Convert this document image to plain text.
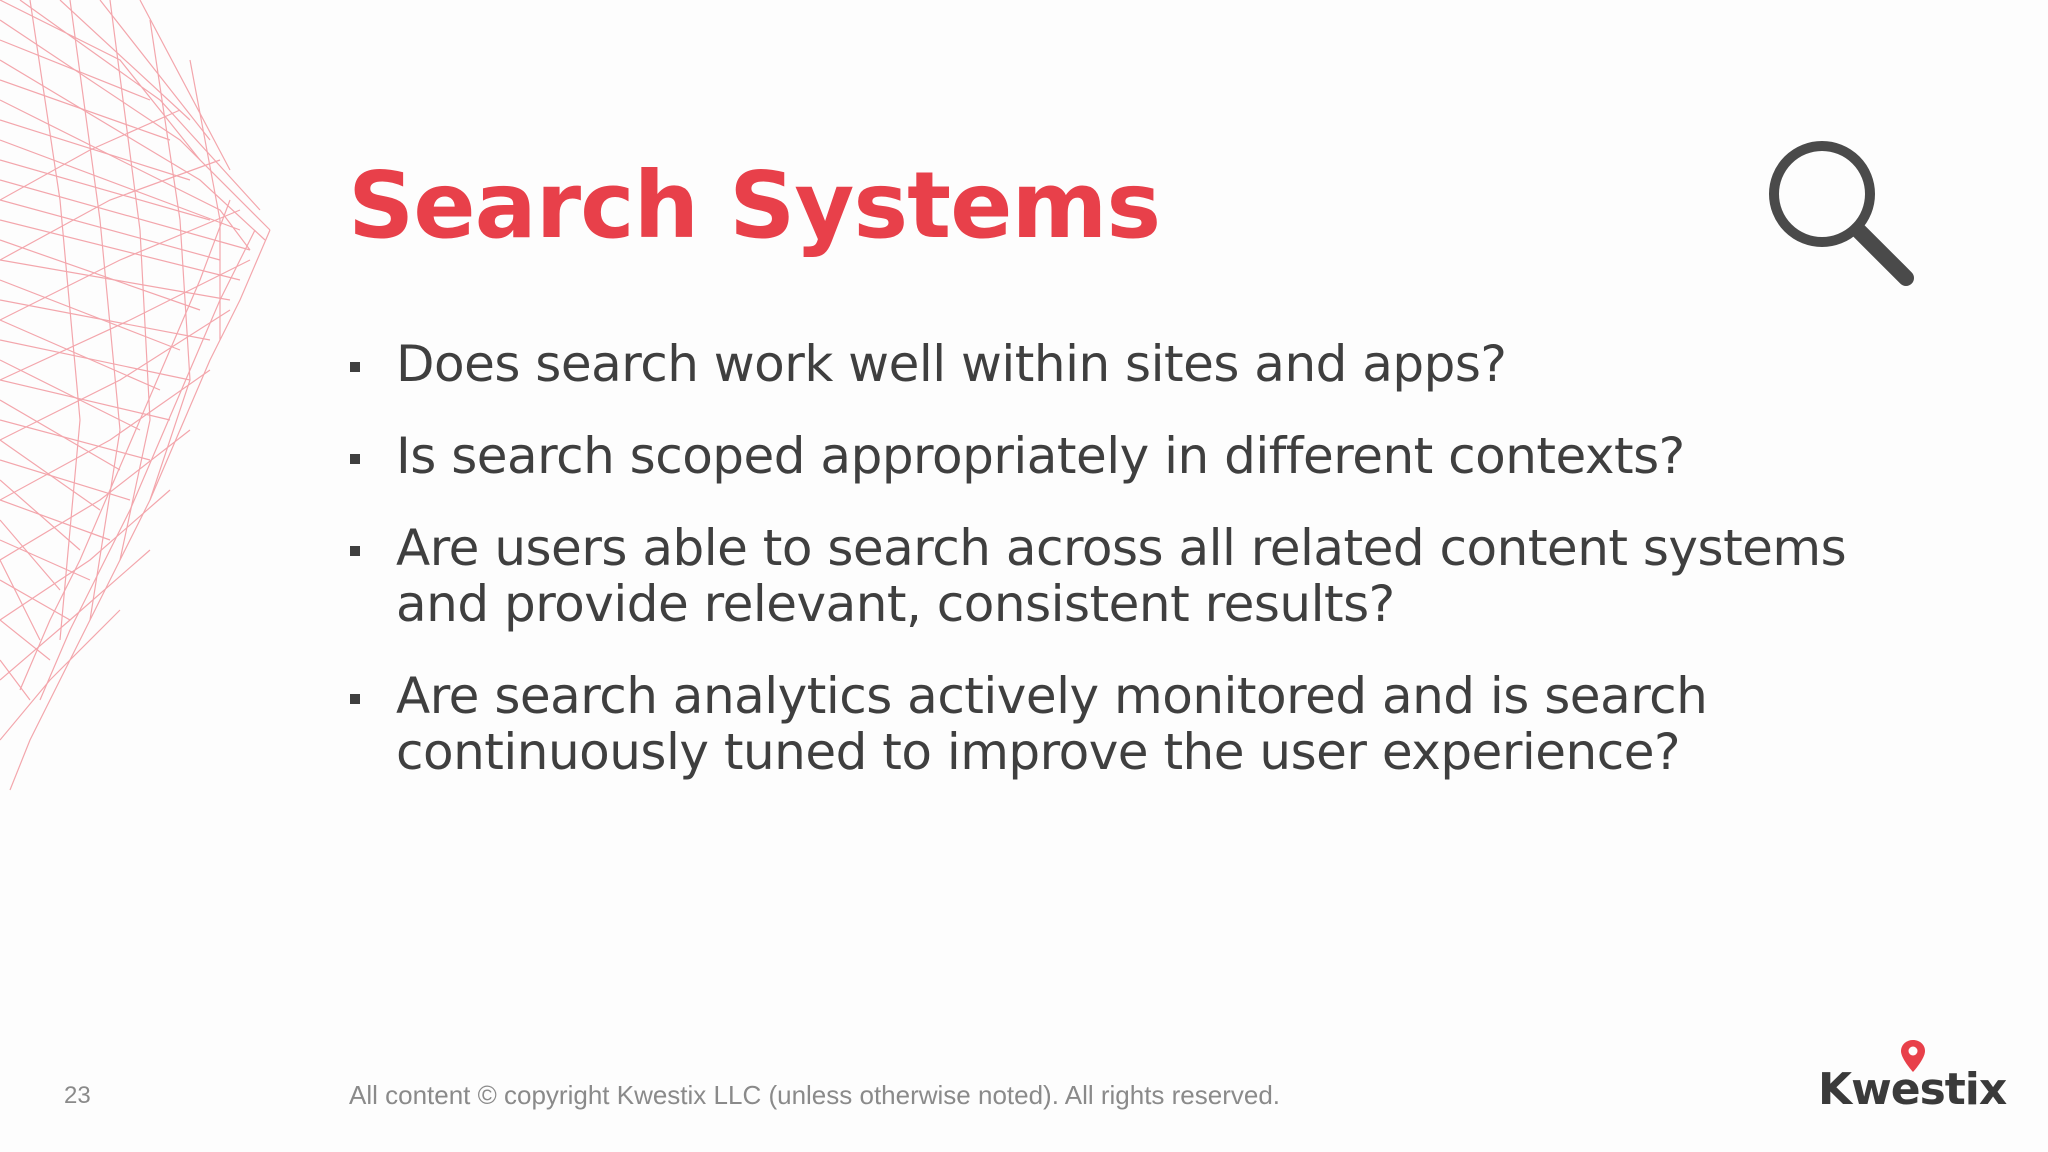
Search Systems
Does search work well within sites and apps?
Is search scoped appropriately in different contexts?
Are users able to search across all related content systems and provide relevant, consistent results?
Are search analytics actively monitored and is search continuously tuned to improve the user experience?
23	All content © copyright Kwestix LLC (unless otherwise noted). All rights reserved.	Kwestix
